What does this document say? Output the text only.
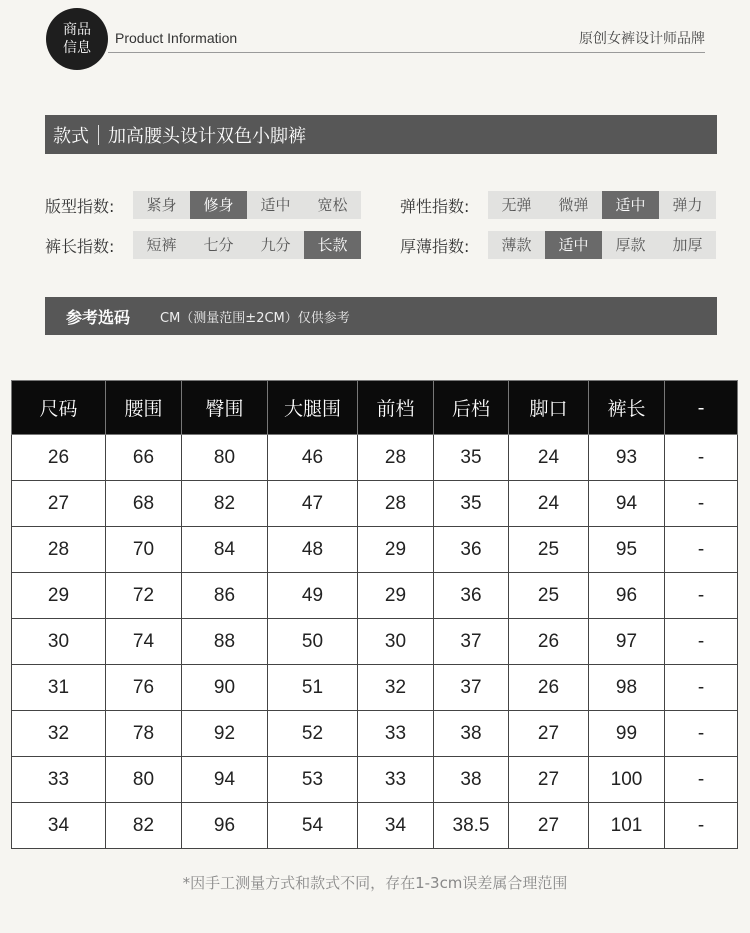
商品
信息
Product Information	原创女裤设计师品牌
款式 加高腰头设计双色小脚裤
版型指数:	紧身	修身	适中	宽松	弹性指数:	无弹	微弹	适中	弹力
裤长指数:	短裤	七分	九分	长款	厚薄指数:	薄款	适中	厚款	加厚
参考选码 CM（测量范围±2CM）仅供参考
尺码	腰围	臀围	大腿围	前档	后档	脚口	裤长	-
26	66	80	46	28	35	24	93	-
27	68	82	47	28	35	24	94	-
28	70	84	48	29	36	25	95	-
29	72	86	49	29	36	25	96	-
30	74	88	50	30	37	26	97	-
31	76	90	51	32	37	26	98	-
32	78	92	52	33	38	27	99	-
33	80	94	53	33	38	27	100	-
34	82	96	54	34	38.5	27	101	-
*因手工测量方式和款式不同，存在1-3cm误差属合理范围
